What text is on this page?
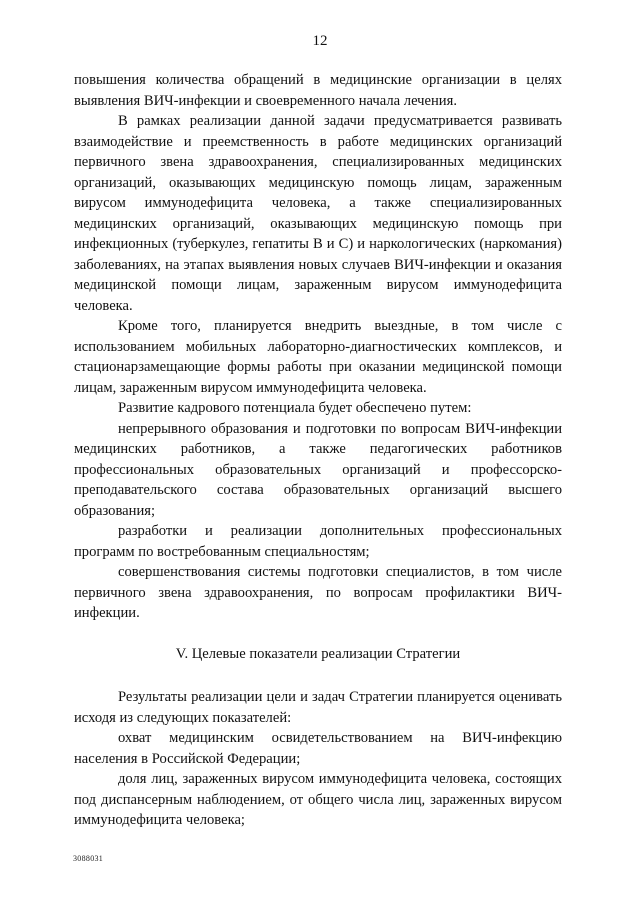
12

повышения количества обращений в медицинские организации в целях выявления ВИЧ-инфекции и своевременного начала лечения.

В рамках реализации данной задачи предусматривается развивать взаимодействие и преемственность в работе медицинских организаций первичного звена здравоохранения, специализированных медицинских организаций, оказывающих медицинскую помощь лицам, зараженным вирусом иммунодефицита человека, а также специализированных медицинских организаций, оказывающих медицинскую помощь при инфекционных (туберкулез, гепатиты В и С) и наркологических (наркомания) заболеваниях, на этапах выявления новых случаев ВИЧ-инфекции и оказания медицинской помощи лицам, зараженным вирусом иммунодефицита человека.

Кроме того, планируется внедрить выездные, в том числе с использованием мобильных лабораторно-диагностических комплексов, и стационарзамещающие формы работы при оказании медицинской помощи лицам, зараженным вирусом иммунодефицита человека.

Развитие кадрового потенциала будет обеспечено путем:

непрерывного образования и подготовки по вопросам ВИЧ-инфекции медицинских работников, а также педагогических работников профессиональных образовательных организаций и профессорско-преподавательского состава образовательных организаций высшего образования;

разработки и реализации дополнительных профессиональных программ по востребованным специальностям;

совершенствования системы подготовки специалистов, в том числе первичного звена здравоохранения, по вопросам профилактики ВИЧ-инфекции.

V. Целевые показатели реализации Стратегии

Результаты реализации цели и задач Стратегии планируется оценивать исходя из следующих показателей:

охват медицинским освидетельствованием на ВИЧ-инфекцию населения в Российской Федерации;

доля лиц, зараженных вирусом иммунодефицита человека, состоящих под диспансерным наблюдением, от общего числа лиц, зараженных вирусом иммунодефицита человека;

3088031
